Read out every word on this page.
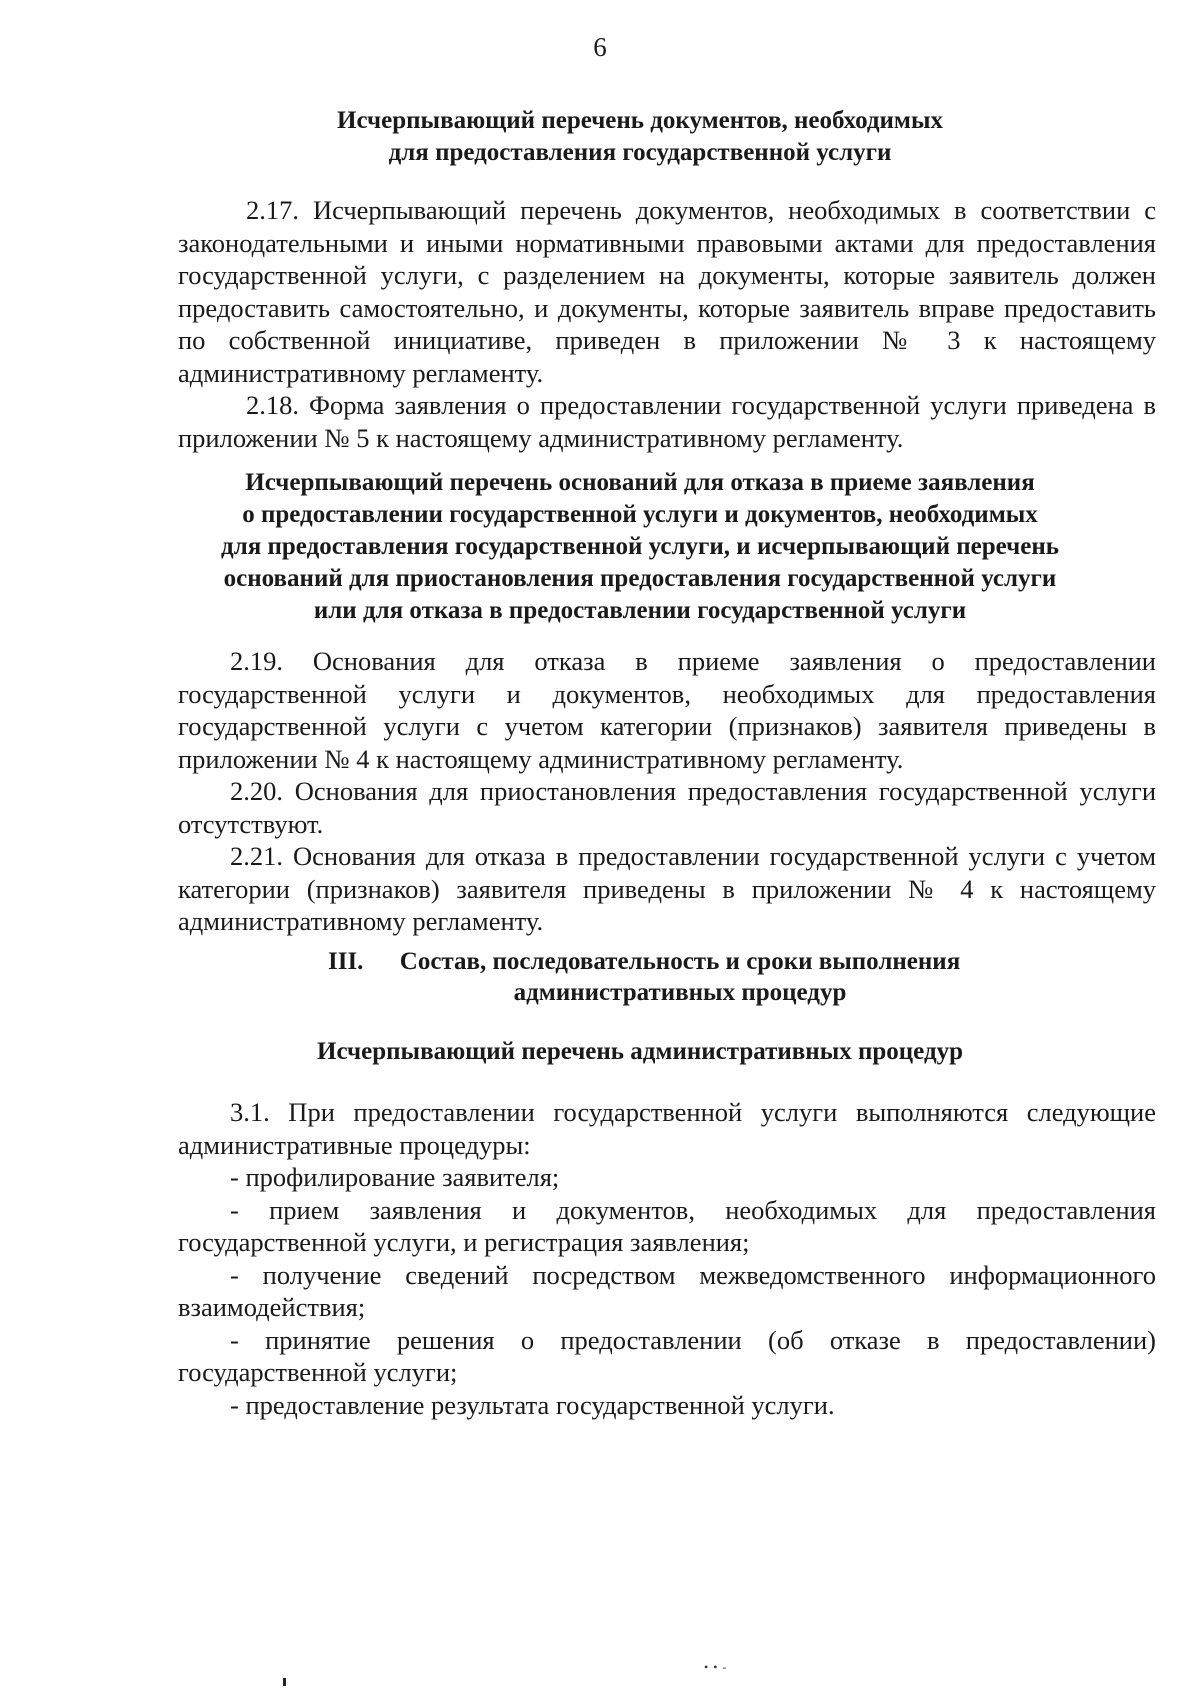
6
Исчерпывающий перечень документов, необходимых
для предоставления государственной услуги

2.17. Исчерпывающий перечень документов, необходимых в соответствии с законодательными и иными нормативными правовыми актами для предоставления государственной услуги, с разделением на документы, которые заявитель должен предоставить самостоятельно, и документы, которые заявитель вправе предоставить по собственной инициативе, приведен в приложении № 3 к настоящему административному регламенту.

2.18. Форма заявления о предоставлении государственной услуги приведена в приложении № 5 к настоящему административному регламенту.

Исчерпывающий перечень оснований для отказа в приеме заявления
о предоставлении государственной услуги и документов, необходимых
для предоставления государственной услуги, и исчерпывающий перечень
оснований для приостановления предоставления государственной услуги
или для отказа в предоставлении государственной услуги

2.19. Основания для отказа в приеме заявления о предоставлении государственной услуги и документов, необходимых для предоставления государственной услуги с учетом категории (признаков) заявителя приведены в приложении № 4 к настоящему административному регламенту.

2.20. Основания для приостановления предоставления государственной услуги отсутствуют.

2.21. Основания для отказа в предоставлении государственной услуги с учетом категории (признаков) заявителя приведены в приложении № 4 к настоящему административному регламенту.

III.	Состав, последовательность и сроки выполнения
административных процедур
Исчерпывающий перечень административных процедур

3.1. При предоставлении государственной услуги выполняются следующие административные процедуры:

- профилирование заявителя;

- прием заявления и документов, необходимых для предоставления государственной услуги, и регистрация заявления;

- получение сведений посредством межведомственного информационного взаимодействия;

- принятие решения о предоставлении (об отказе в предоставлении) государственной услуги;

- предоставление результата государственной услуги.

• • -
